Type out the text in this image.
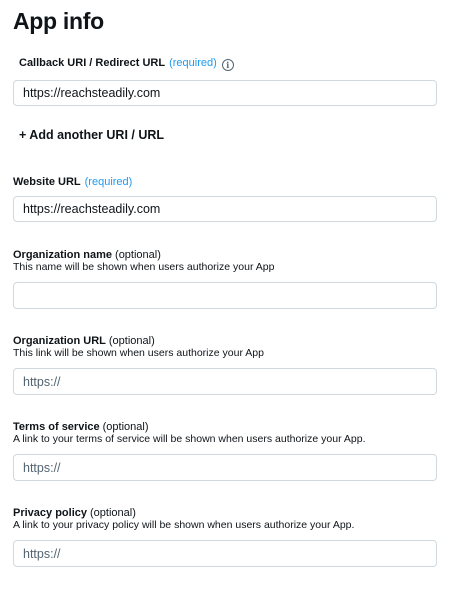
App info
Callback URI / Redirect URL (required) i
https://reachsteadily.com
+ Add another URI / URL
Website URL (required)
https://reachsteadily.com
Organization name (optional)
This name will be shown when users authorize your App
Organization URL (optional)
This link will be shown when users authorize your App
https://
Terms of service (optional)
A link to your terms of service will be shown when users authorize your App.
https://
Privacy policy (optional)
A link to your privacy policy will be shown when users authorize your App.
https://
